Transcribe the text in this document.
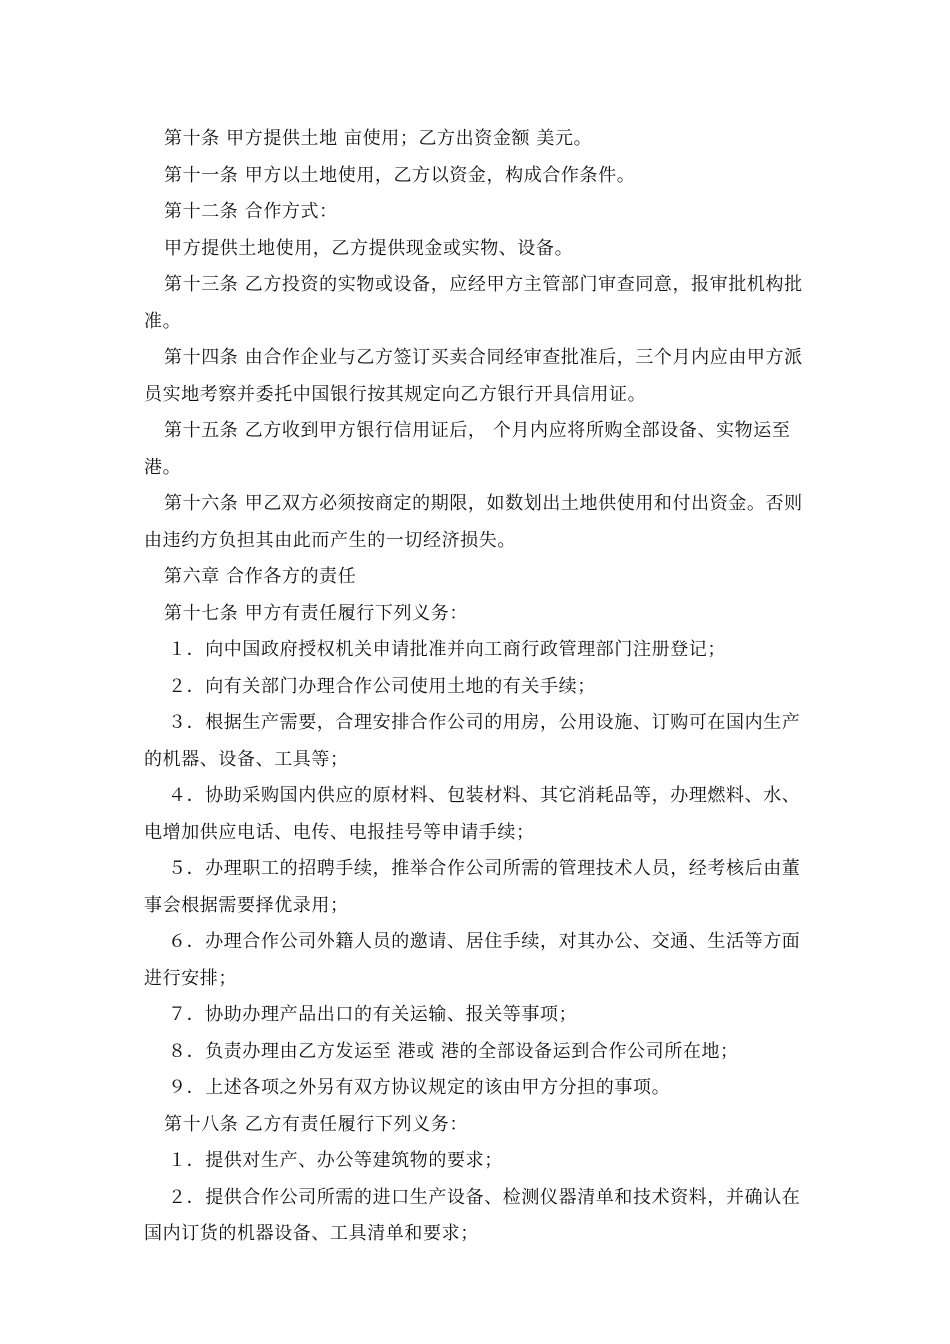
第十条 甲方提供土地 亩使用；乙方出资金额 美元。

第十一条 甲方以土地使用，乙方以资金，构成合作条件。

第十二条 合作方式：

甲方提供土地使用，乙方提供现金或实物、设备。

第十三条 乙方投资的实物或设备，应经甲方主管部门审查同意，报审批机构批准。

第十四条 由合作企业与乙方签订买卖合同经审查批准后，三个月内应由甲方派员实地考察并委托中国银行按其规定向乙方银行开具信用证。

第十五条 乙方收到甲方银行信用证后， 个月内应将所购全部设备、实物运至 港。

第十六条 甲乙双方必须按商定的期限，如数划出土地供使用和付出资金。否则由违约方负担其由此而产生的一切经济损失。

第六章 合作各方的责任

第十七条 甲方有责任履行下列义务：

１．向中国政府授权机关申请批准并向工商行政管理部门注册登记；

２．向有关部门办理合作公司使用土地的有关手续；

３．根据生产需要，合理安排合作公司的用房，公用设施、订购可在国内生产的机器、设备、工具等；

４．协助采购国内供应的原材料、包装材料、其它消耗品等，办理燃料、水、电增加供应电话、电传、电报挂号等申请手续；

５．办理职工的招聘手续，推举合作公司所需的管理技术人员，经考核后由董事会根据需要择优录用；

６．办理合作公司外籍人员的邀请、居住手续，对其办公、交通、生活等方面进行安排；

７．协助办理产品出口的有关运输、报关等事项；

８．负责办理由乙方发运至 港或 港的全部设备运到合作公司所在地；

９．上述各项之外另有双方协议规定的该由甲方分担的事项。

第十八条 乙方有责任履行下列义务：

１．提供对生产、办公等建筑物的要求；

２．提供合作公司所需的进口生产设备、检测仪器清单和技术资料，并确认在国内订货的机器设备、工具清单和要求；
